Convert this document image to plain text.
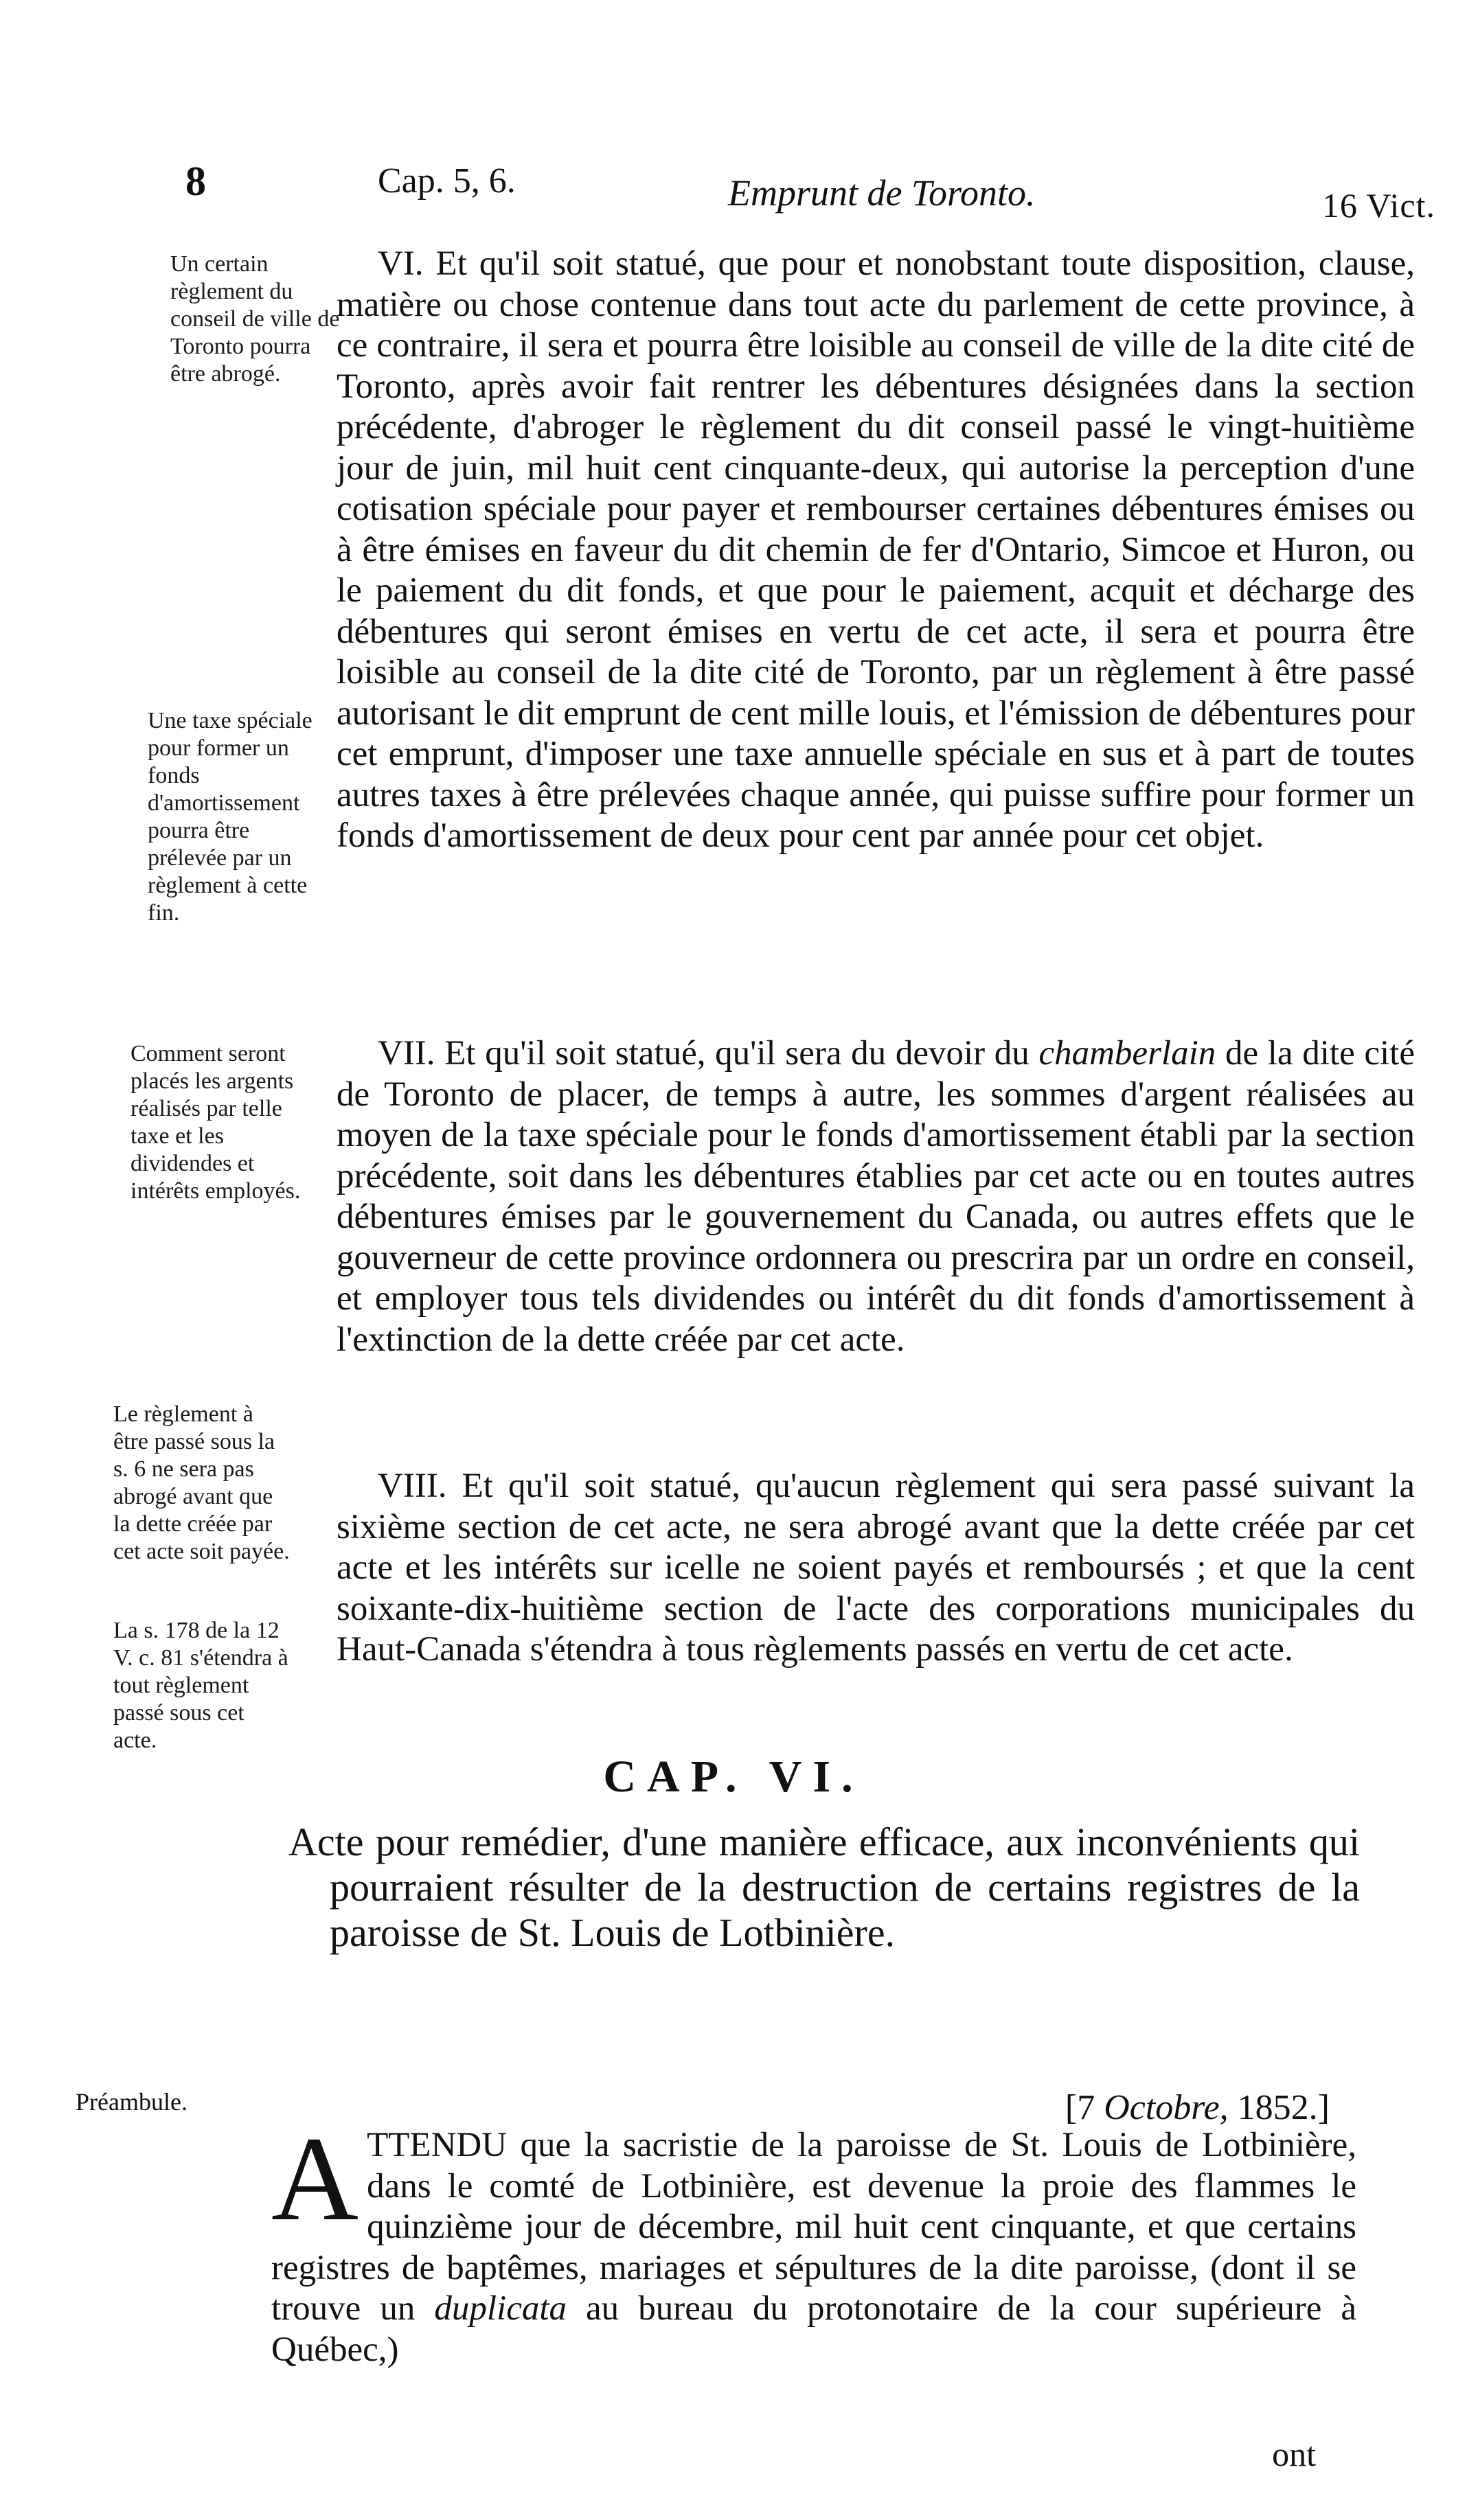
8	Cap. 5, 6.	Emprunt de Toronto.	16 Vict.
Un certain règlement du conseil de ville de Toronto pourra être abrogé.
Une taxe spéciale pour former un fonds d'amortissement pourra être prélevée par un règlement à cette fin.
Comment seront placés les argents réalisés par telle taxe et les dividendes et intérêts employés.
Le règlement à être passé sous la s. 6 ne sera pas abrogé avant que la dette créée par cet acte soit payée.
La s. 178 de la 12 V. c. 81 s'étendra à tout règlement passé sous cet acte.

VI. Et qu'il soit statué, que pour et nonobstant toute disposition, clause, matière ou chose contenue dans tout acte du parlement de cette province, à ce contraire, il sera et pourra être loisible au conseil de ville de la dite cité de Toronto, après avoir fait rentrer les débentures désignées dans la section précédente, d'abroger le règlement du dit conseil passé le vingt-huitième jour de juin, mil huit cent cinquante-deux, qui autorise la perception d'une cotisation spéciale pour payer et rembourser certaines débentures émises ou à être émises en faveur du dit chemin de fer d'Ontario, Simcoe et Huron, ou le paiement du dit fonds, et que pour le paiement, acquit et décharge des débentures qui seront émises en vertu de cet acte, il sera et pourra être loisible au conseil de la dite cité de Toronto, par un règlement à être passé autorisant le dit emprunt de cent mille louis, et l'émission de débentures pour cet emprunt, d'imposer une taxe annuelle spéciale en sus et à part de toutes autres taxes à être prélevées chaque année, qui puisse suffire pour former un fonds d'amortissement de deux pour cent par année pour cet objet.

VII. Et qu'il soit statué, qu'il sera du devoir du chamberlain de la dite cité de Toronto de placer, de temps à autre, les sommes d'argent réalisées au moyen de la taxe spéciale pour le fonds d'amortissement établi par la section précédente, soit dans les débentures établies par cet acte ou en toutes autres débentures émises par le gouvernement du Canada, ou autres effets que le gouverneur de cette province ordonnera ou prescrira par un ordre en conseil, et employer tous tels dividendes ou intérêt du dit fonds d'amortissement à l'extinction de la dette créée par cet acte.

VIII. Et qu'il soit statué, qu'aucun règlement qui sera passé suivant la sixième section de cet acte, ne sera abrogé avant que la dette créée par cet acte et les intérêts sur icelle ne soient payés et remboursés ; et que la cent soixante-dix-huitième section de l'acte des corporations municipales du Haut-Canada s'étendra à tous règlements passés en vertu de cet acte.

CAP. VI.
Acte pour remédier, d'une manière efficace, aux inconvénients qui pourraient résulter de la destruction de certains registres de la paroisse de St. Louis de Lotbinière.
[7 Octobre, 1852.]
Préambule.
ATTENDU que la sacristie de la paroisse de St. Louis de Lotbinière, dans le comté de Lotbinière, est devenue la proie des flammes le quinzième jour de décembre, mil huit cent cinquante, et que certains registres de baptêmes, mariages et sépultures de la dite paroisse, (dont il se trouve un duplicata au bureau du protonotaire de la cour supérieure à Québec,)
ont
